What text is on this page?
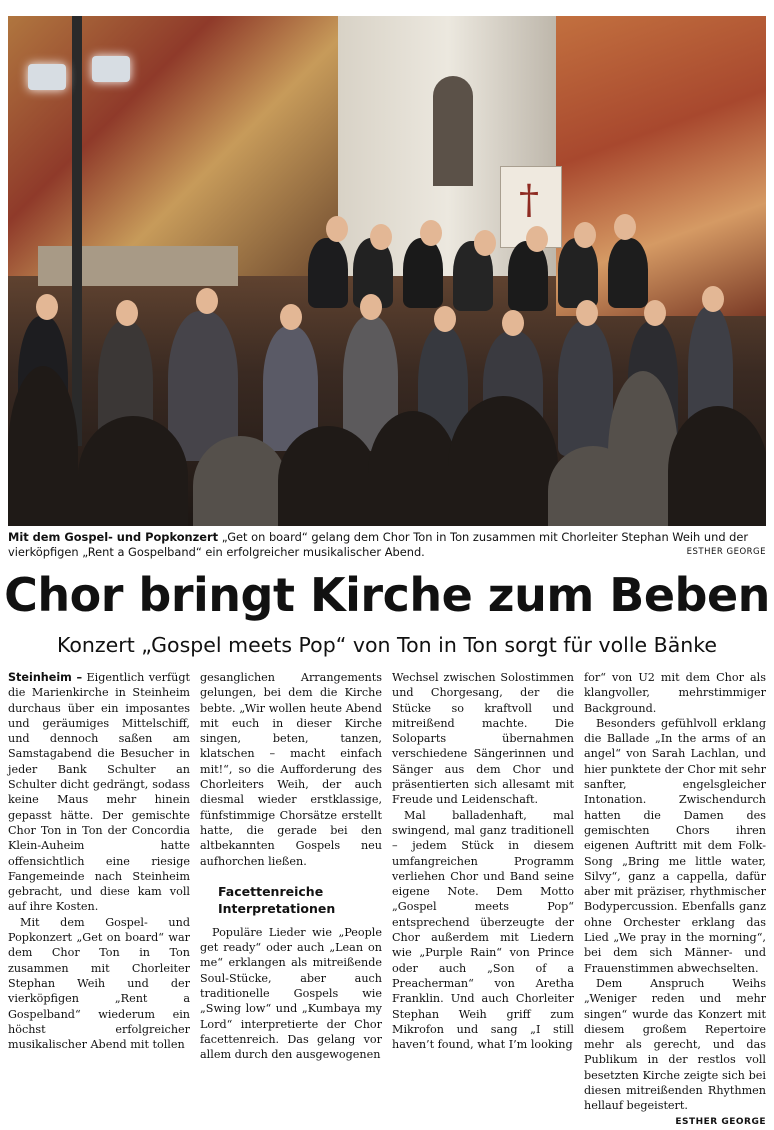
†
Mit dem Gospel- und Popkonzert „Get on board“ gelang dem Chor Ton in Ton zusammen mit Chorleiter Stephan Weih und der vierköpfigen „Rent a Gospelband“ ein erfolgreicher musikalischer Abend.	ESTHER GEORGE
Chor bringt Kirche zum Beben
Konzert „Gospel meets Pop“ von Ton in Ton sorgt für volle Bänke

Steinheim – Eigentlich verfügt die Marienkirche in Steinheim durchaus über ein imposantes und geräumiges Mittelschiff, und dennoch saßen am Samstagabend die Besucher in jeder Bank Schulter an Schulter dicht gedrängt, sodass keine Maus mehr hinein gepasst hätte. Der gemischte Chor Ton in Ton der Concordia Klein-Auheim hatte offensichtlich eine riesige Fangemeinde nach Steinheim gebracht, und diese kam voll auf ihre Kosten.

Mit dem Gospel- und Popkonzert „Get on board“ war dem Chor Ton in Ton zusammen mit Chorleiter Stephan Weih und der vierköpfigen „Rent a Gospelband“ wiederum ein höchst erfolgreicher musikalischer Abend mit tollen

gesanglichen Arrangements gelungen, bei dem die Kirche bebte. „Wir wollen heute Abend mit euch in dieser Kirche singen, beten, tanzen, klatschen – macht einfach mit!“, so die Aufforderung des Chorleiters Weih, der auch diesmal wieder erstklassige, fünfstimmige Chorsätze erstellt hatte, die gerade bei den altbekannten Gospels neu aufhorchen ließen.

Facettenreiche Interpretationen

Populäre Lieder wie „People get ready“ oder auch „Lean on me“ erklangen als mitreißende Soul-Stücke, aber auch traditionelle Gospels wie „Swing low“ und „Kumbaya my Lord“ interpretierte der Chor facettenreich. Das gelang vor allem durch den ausgewogenen

Wechsel zwischen Solostimmen und Chorgesang, der die Stücke so kraftvoll und mitreißend machte. Die Soloparts übernahmen verschiedene Sängerinnen und Sänger aus dem Chor und präsentierten sich allesamt mit Freude und Leidenschaft.

Mal balladenhaft, mal swingend, mal ganz traditionell – jedem Stück in diesem umfangreichen Programm verliehen Chor und Band seine eigene Note. Dem Motto „Gospel meets Pop“ entsprechend überzeugte der Chor außerdem mit Liedern wie „Purple Rain“ von Prince oder auch „Son of a Preacherman“ von Aretha Franklin. Und auch Chorleiter Stephan Weih griff zum Mikrofon und sang „I still haven’t found, what I’m looking

for“ von U2 mit dem Chor als klangvoller, mehrstimmiger Background.

Besonders gefühlvoll erklang die Ballade „In the arms of an angel“ von Sarah Lachlan, und hier punktete der Chor mit sehr sanfter, engelsgleicher Intonation. Zwischendurch hatten die Damen des gemischten Chors ihren eigenen Auftritt mit dem Folk-Song „Bring me little water, Silvy“, ganz a cappella, dafür aber mit präziser, rhythmischer Bodypercussion. Ebenfalls ganz ohne Orchester erklang das Lied „We pray in the morning“, bei dem sich Männer- und Frauenstimmen abwechselten.

Dem Anspruch Weihs „Weniger reden und mehr singen“ wurde das Konzert mit diesem großem Repertoire mehr als gerecht, und das Publikum in der restlos voll besetzten Kirche zeigte sich bei diesen mitreißenden Rhythmen hellauf begeistert.
ESTHER GEORGE
